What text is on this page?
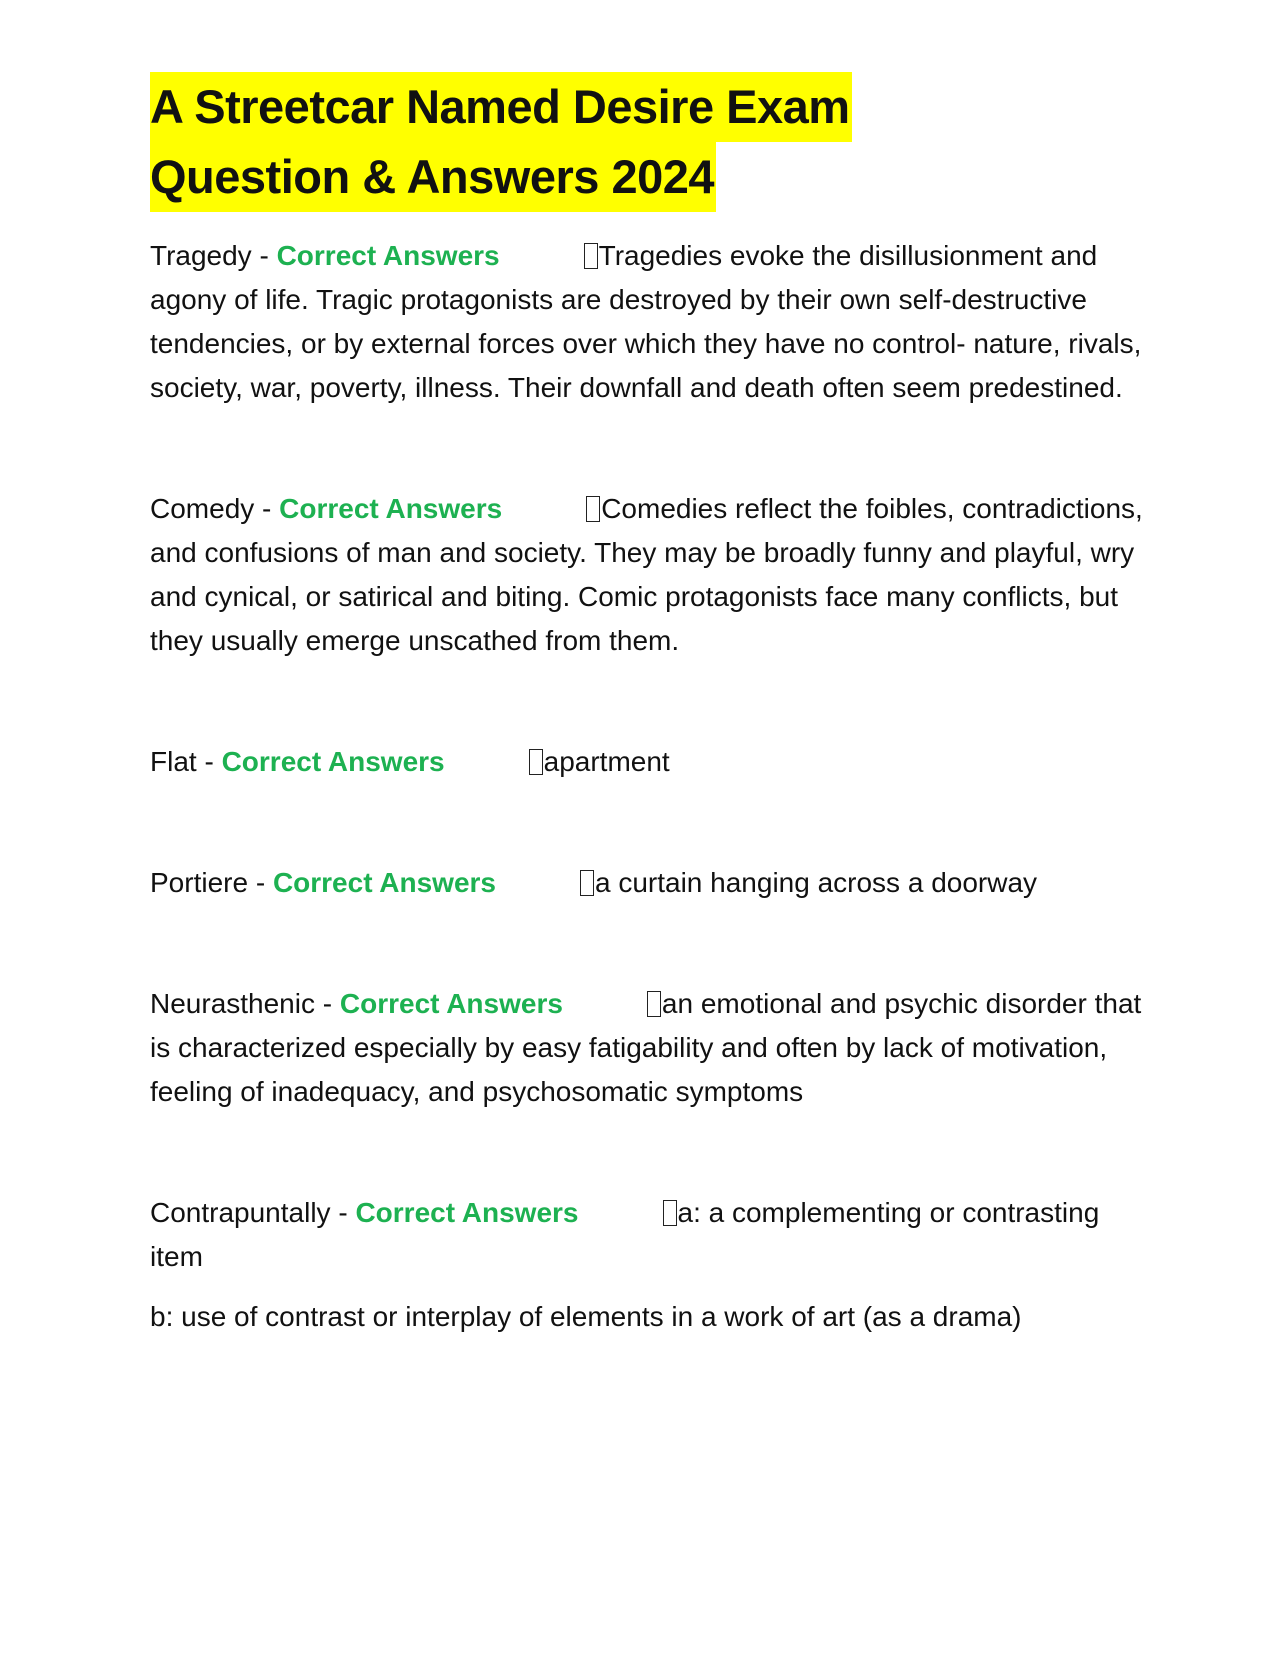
A Streetcar Named Desire Exam
Question & Answers 2024
Tragedy - Correct Answers	Tragedies evoke the disillusionment and agony of life. Tragic protagonists are destroyed by their own self-destructive tendencies, or by external forces over which they have no control- nature, rivals, society, war, poverty, illness. Their downfall and death often seem predestined.
Comedy - Correct Answers	Comedies reflect the foibles, contradictions, and confusions of man and society. They may be broadly funny and playful, wry and cynical, or satirical and biting. Comic protagonists face many conflicts, but they usually emerge unscathed from them.
Flat - Correct Answers	apartment
Portiere - Correct Answers	a curtain hanging across a doorway
Neurasthenic - Correct Answers	an emotional and psychic disorder that is characterized especially by easy fatigability and often by lack of motivation, feeling of inadequacy, and psychosomatic symptoms
Contrapuntally - Correct Answers	a: a complementing or contrasting item
b: use of contrast or interplay of elements in a work of art (as a drama)
